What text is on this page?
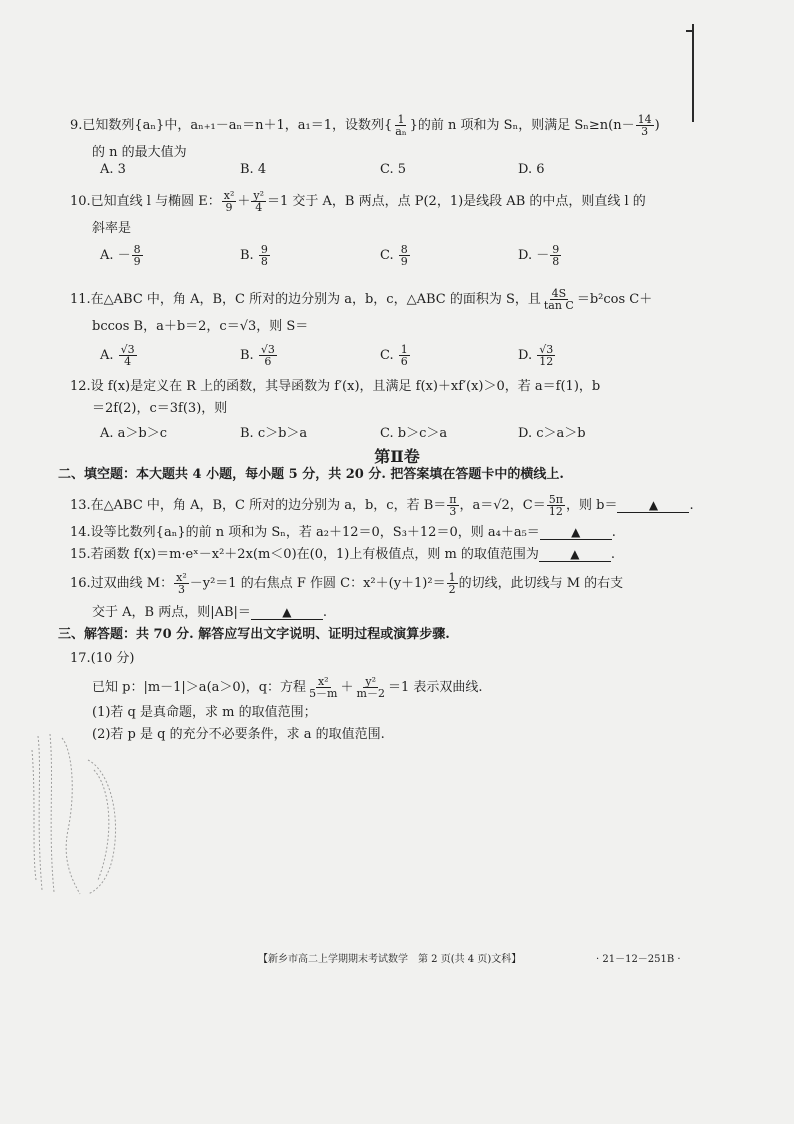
9.已知数列{aₙ}中，aₙ₊₁－aₙ＝n＋1，a₁＝1，设数列{ $\frac{1}{\text{aₙ}}$ }的前 n 项和为 Sₙ，则满足 $S_n\ge n(n- \frac{14}{3}$ )
的 n 的最大值为
A. 3	B. 4	C. 5	D. 6
10.已知直线 l 与椭圆 E： $\frac{\text{x²}}{9} + \frac{\text{y²}}{4} =1$ 交于 A，B 两点，点 P(2，1)是线段 AB 的中点，则直线 l 的
斜率是
A. － $\frac{8}{9}$	B. $\frac{9}{8}$	C. $\frac{8}{9}$	D. － $\frac{9}{8}$
11.在△ABC 中，角 A，B，C 所对的边分别为 a，b，c，△ABC 的面积为 S，且 $\frac{4S}{\text{tan C}} =b^2\cos$ C＋
bccos B，a＋b＝2，c＝√3，则 S＝
A. $\frac{√3}{4}$	B. $\frac{√3}{6}$	C. $\frac{1}{6}$	D. $\frac{√3}{12}$
12.设 f(x)是定义在 R 上的函数，其导函数为 f′(x)，且满足 f(x)＋xf′(x)＞0，若 a＝f(1)，b
＝2f(2)，c＝3f(3)，则
A. a＞b＞c	B. c＞b＞a	C. b＞c＞a	D. c＞a＞b
第Ⅱ卷
二、填空题：本大题共 4 小题，每小题 5 分，共 20 分. 把答案填在答题卡中的横线上.
13.在△ABC 中，角 A，B，C 所对的边分别为 a，b，c，若 $B= \frac{\pi}{3}$ ，a＝√2，$C= \frac{5\pi}{12}$ ，则 b＝	▲ .
14.设等比数列{aₙ}的前 n 项和为 Sₙ，若 a₂＋12＝0，S₃＋12＝0，则 a₄＋a₅＝	▲ .
15.若函数 f(x)＝m·eˣ－x²＋2x(m＜0)在(0，1)上有极值点，则 m 的取值范围为	▲ .
16.过双曲线 M： $\frac{\text{x²}}{3} -y^2=1$ 的右焦点 F 作圆 C：$x^2+(y+1)^2= \frac{1}{2}$ 的切线，此切线与 M 的右支
交于 A，B 两点，则|AB|＝	▲ .
三、解答题：共 70 分. 解答应写出文字说明、证明过程或演算步骤.
17.(10 分)
已知 p：|m－1|＞a(a＞0)，q：方程 $\frac{\text{x²}}{5-m} + \frac{\text{y²}}{m-2} =1$ 表示双曲线.
(1)若 q 是真命题，求 m 的取值范围；
(2)若 p 是 q 的充分不必要条件，求 a 的取值范围.
【新乡市高二上学期期末考试数学　第 2 页(共 4 页)文科】	· 21－12－251B ·
